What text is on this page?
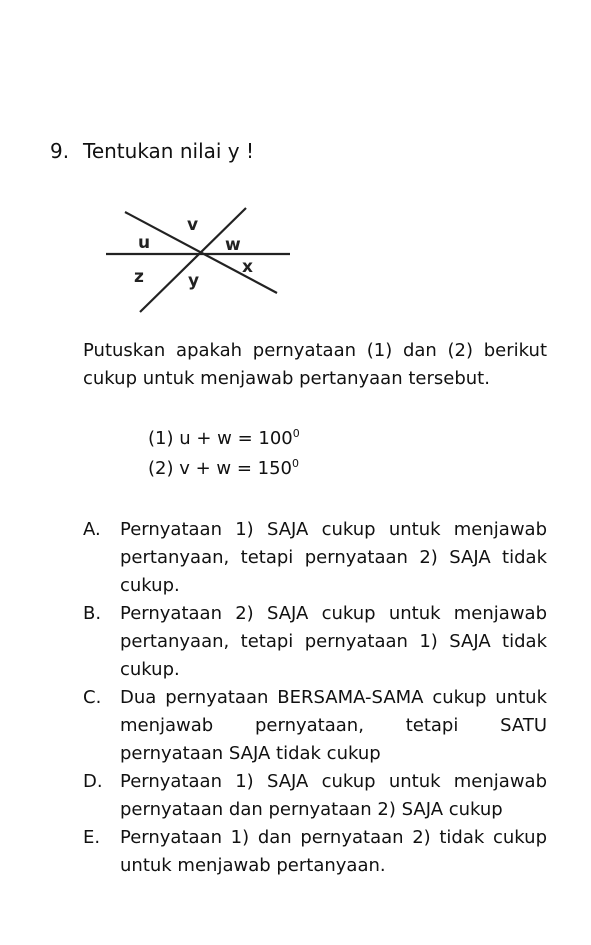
9. Tentukan nilai y !
u
v
w
x
z	y
Putuskan apakah pernyataan (1) dan (2) berikut cukup untuk menjawab pertanyaan tersebut.
(1) $u + w = 100^0$
(2) $v + w = 150^0$
A.	Pernyataan 1) SAJA cukup untuk menjawab pertanyaan, tetapi pernyataan 2) SAJA tidak cukup.
B.	Pernyataan 2) SAJA cukup untuk menjawab pertanyaan, tetapi pernyataan 1) SAJA tidak cukup.
C.	Dua pernyataan BERSAMA-SAMA cukup untuk menjawab pernyataan, tetapi SATU pernyataan SAJA tidak cukup
D. Pernyataan 1) SAJA cukup untuk menjawab pernyataan dan pernyataan 2) SAJA cukup
E.	Pernyataan 1) dan pernyataan 2) tidak cukup untuk menjawab pertanyaan.
